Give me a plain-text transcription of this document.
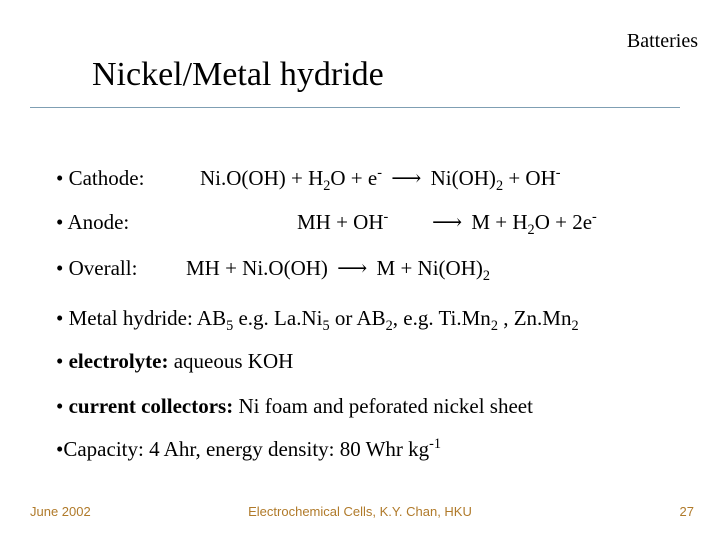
Batteries
Nickel/Metal hydride
• Cathode:	$Ni.O(OH) + H_2O + e^-$ ⟶ $Ni(OH)_2 + OH^-$
• Anode:	MH + OH- ⟶ $M + H_2O + 2e^-$
• Overall: MH + Ni.O(OH) ⟶ $M + Ni(OH)_2$
• Metal hydride: $AB_5$ e.g. $La.Ni_5$ or $AB_2$, e.g. $Ti.Mn_2$ , $Zn.Mn_2$
• electrolyte: aqueous KOH
• current collectors: Ni foam and peforated nickel sheet
•Capacity: 4 Ahr, energy density: 80 Whr $kg^{-1}$
June 2002	Electrochemical Cells, K.Y. Chan, HKU	27
